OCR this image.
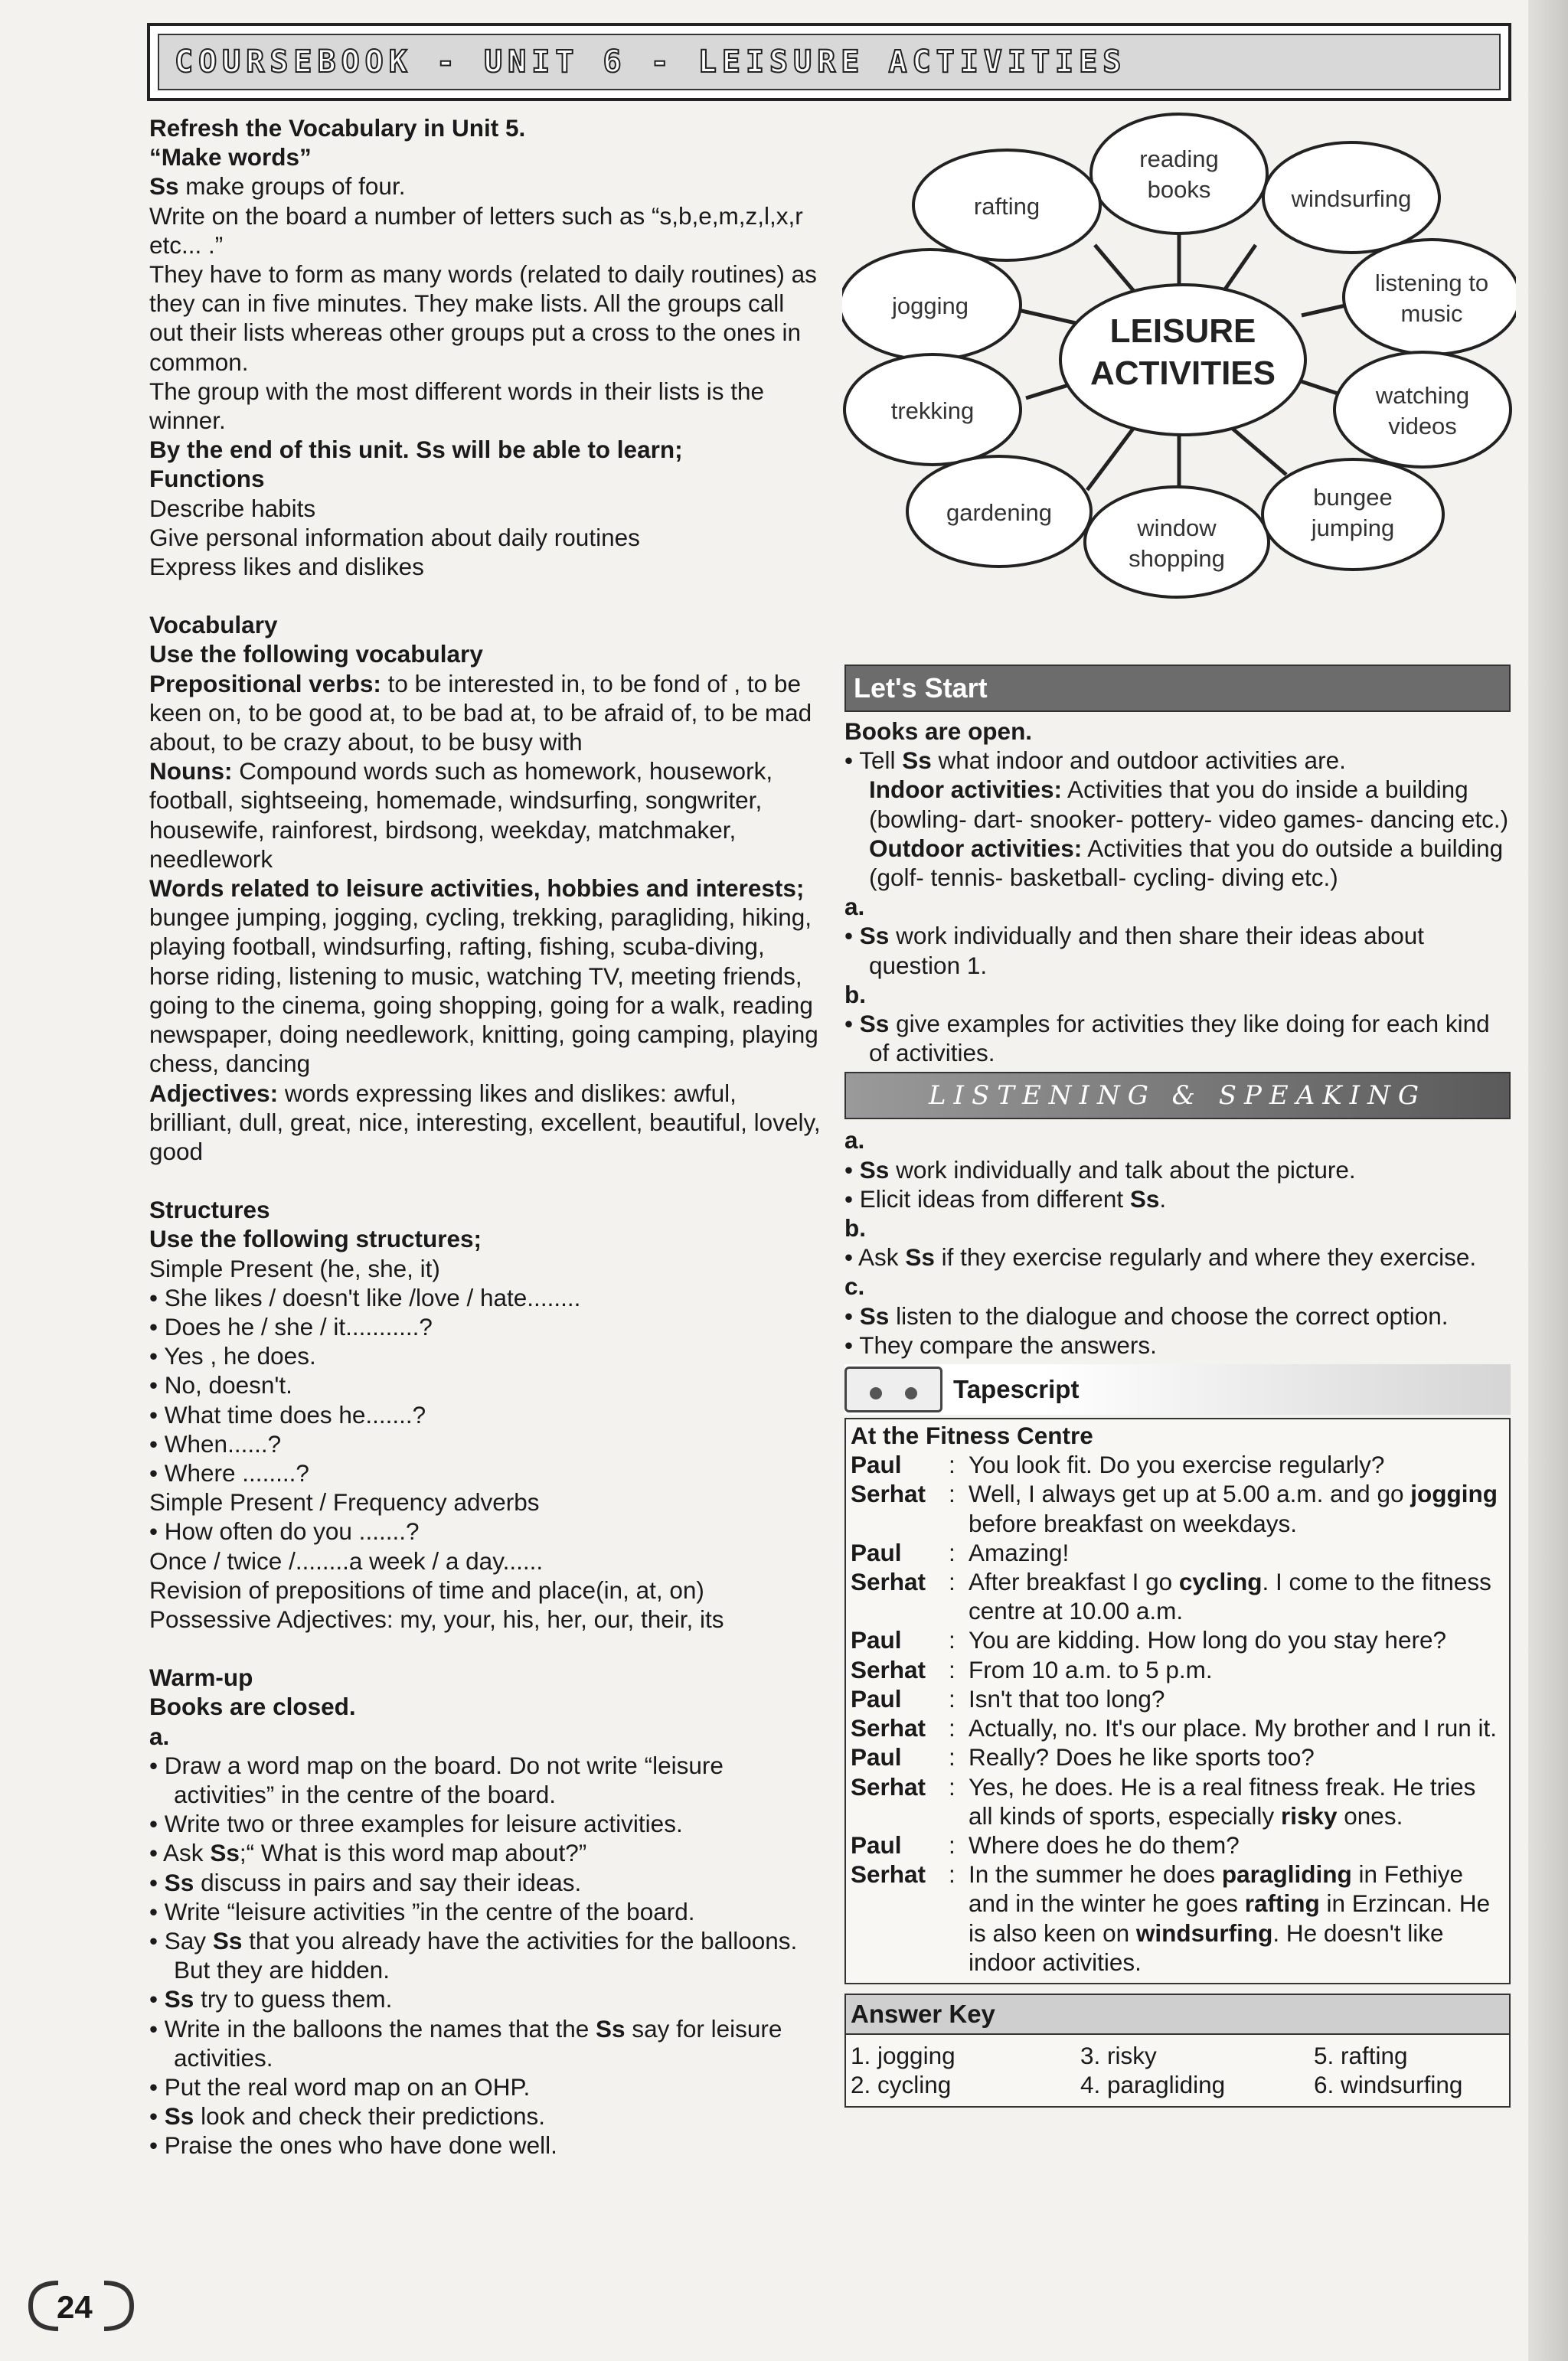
COURSEBOOK - UNIT 6 - LEISURE ACTIVITIES

Refresh the Vocabulary in Unit 5.

“Make words”

Ss make groups of four.

Write on the board a number of letters such as “s,b,e,m,z,l,x,r etc... .”

They have to form as many words (related to daily routines) as they can in five minutes. They make lists. All the groups call out their lists whereas other groups put a cross to the ones in common.

The group with the most different words in their lists is the winner.

By the end of this unit. Ss will be able to learn;

Functions

Describe habits

Give personal information about daily routines

Express likes and dislikes

Vocabulary

Use the following vocabulary

Prepositional verbs: to be interested in, to be fond of , to be keen on, to be good at, to be bad at, to be afraid of, to be mad about, to be crazy about, to be busy with

Nouns: Compound words such as homework, housework, football, sightseeing, homemade, windsurfing, songwriter, housewife, rainforest, birdsong, weekday, matchmaker, needlework

Words related to leisure activities, hobbies and interests;

bungee jumping, jogging, cycling, trekking, paragliding, hiking, playing football, windsurfing, rafting, fishing, scuba-diving, horse riding, listening to music, watching TV, meeting friends, going to the cinema, going shopping, going for a walk, reading newspaper, doing needlework, knitting, going camping, playing chess, dancing

Adjectives: words expressing likes and dislikes: awful, brilliant, dull, great, nice, interesting, excellent, beautiful, lovely, good

Structures

Use the following structures;

Simple Present (he, she, it)

• She likes / doesn't like /love / hate........

• Does he / she / it...........?

• Yes , he does.

• No, doesn't.

• What time does he.......?

• When......?

• Where ........?

Simple Present / Frequency adverbs

• How often do you .......?

Once / twice /........a week / a day......

Revision of prepositions of time and place(in, at, on)

Possessive Adjectives: my, your, his, her, our, their, its

Warm-up

Books are closed.

a.

• Draw a word map on the board. Do not write “leisure activities” in the centre of the board.

• Write two or three examples for leisure activities.

• Ask Ss;“ What is this word map about?”

• Ss discuss in pairs and say their ideas.

• Write “leisure activities ”in the centre of the board.

• Say Ss that you already have the activities for the balloons. But they are hidden.

• Ss try to guess them.

• Write in the balloons the names that the Ss say for leisure activities.

• Put the real word map on an OHP.

• Ss look and check their predictions.

• Praise the ones who have done well.

LEISURE
ACTIVITIES
reading
books
rafting	windsurfing
jogging
listening to
music
trekking
watching
videos
gardening
window
shopping
bungee
jumping
Let's Start

Books are open.

• Tell Ss what indoor and outdoor activities are.

Indoor activities: Activities that you do inside a building (bowling- dart- snooker- pottery- video games- dancing etc.)

Outdoor activities: Activities that you do outside a building (golf- tennis- basketball- cycling- diving etc.)

a.

• Ss work individually and then share their ideas about question 1.

b.

• Ss give examples for activities they like doing for each kind of activities.

LISTENING & SPEAKING

a.

• Ss work individually and talk about the picture.

• Elicit ideas from different Ss.

b.

• Ask Ss if they exercise regularly and where they exercise.

c.

• Ss listen to the dialogue and choose the correct option.

• They compare the answers.

Tapescript

At the Fitness Centre

Paul	: You look fit. Do you exercise regularly?
Serhat : Well, I always get up at 5.00 a.m. and go jogging before breakfast on weekdays.
Paul	: Amazing!
Serhat : After breakfast I go cycling. I come to the fitness centre at 10.00 a.m.
Paul	: You are kidding. How long do you stay here?
Serhat : From 10 a.m. to 5 p.m.
Paul	: Isn't that too long?
Serhat : Actually, no. It's our place. My brother and I run it.
Paul	: Really? Does he like sports too?
Serhat : Yes, he does. He is a real fitness freak. He tries all kinds of sports, especially risky ones.
Paul	: Where does he do them?
Serhat : In the summer he does paragliding in Fethiye and in the winter he goes rafting in Erzincan. He is also keen on windsurfing. He doesn't like indoor activities.
Answer Key
1. jogging	3. risky	5. rafting
2. cycling	4. paragliding	6. windsurfing
24
